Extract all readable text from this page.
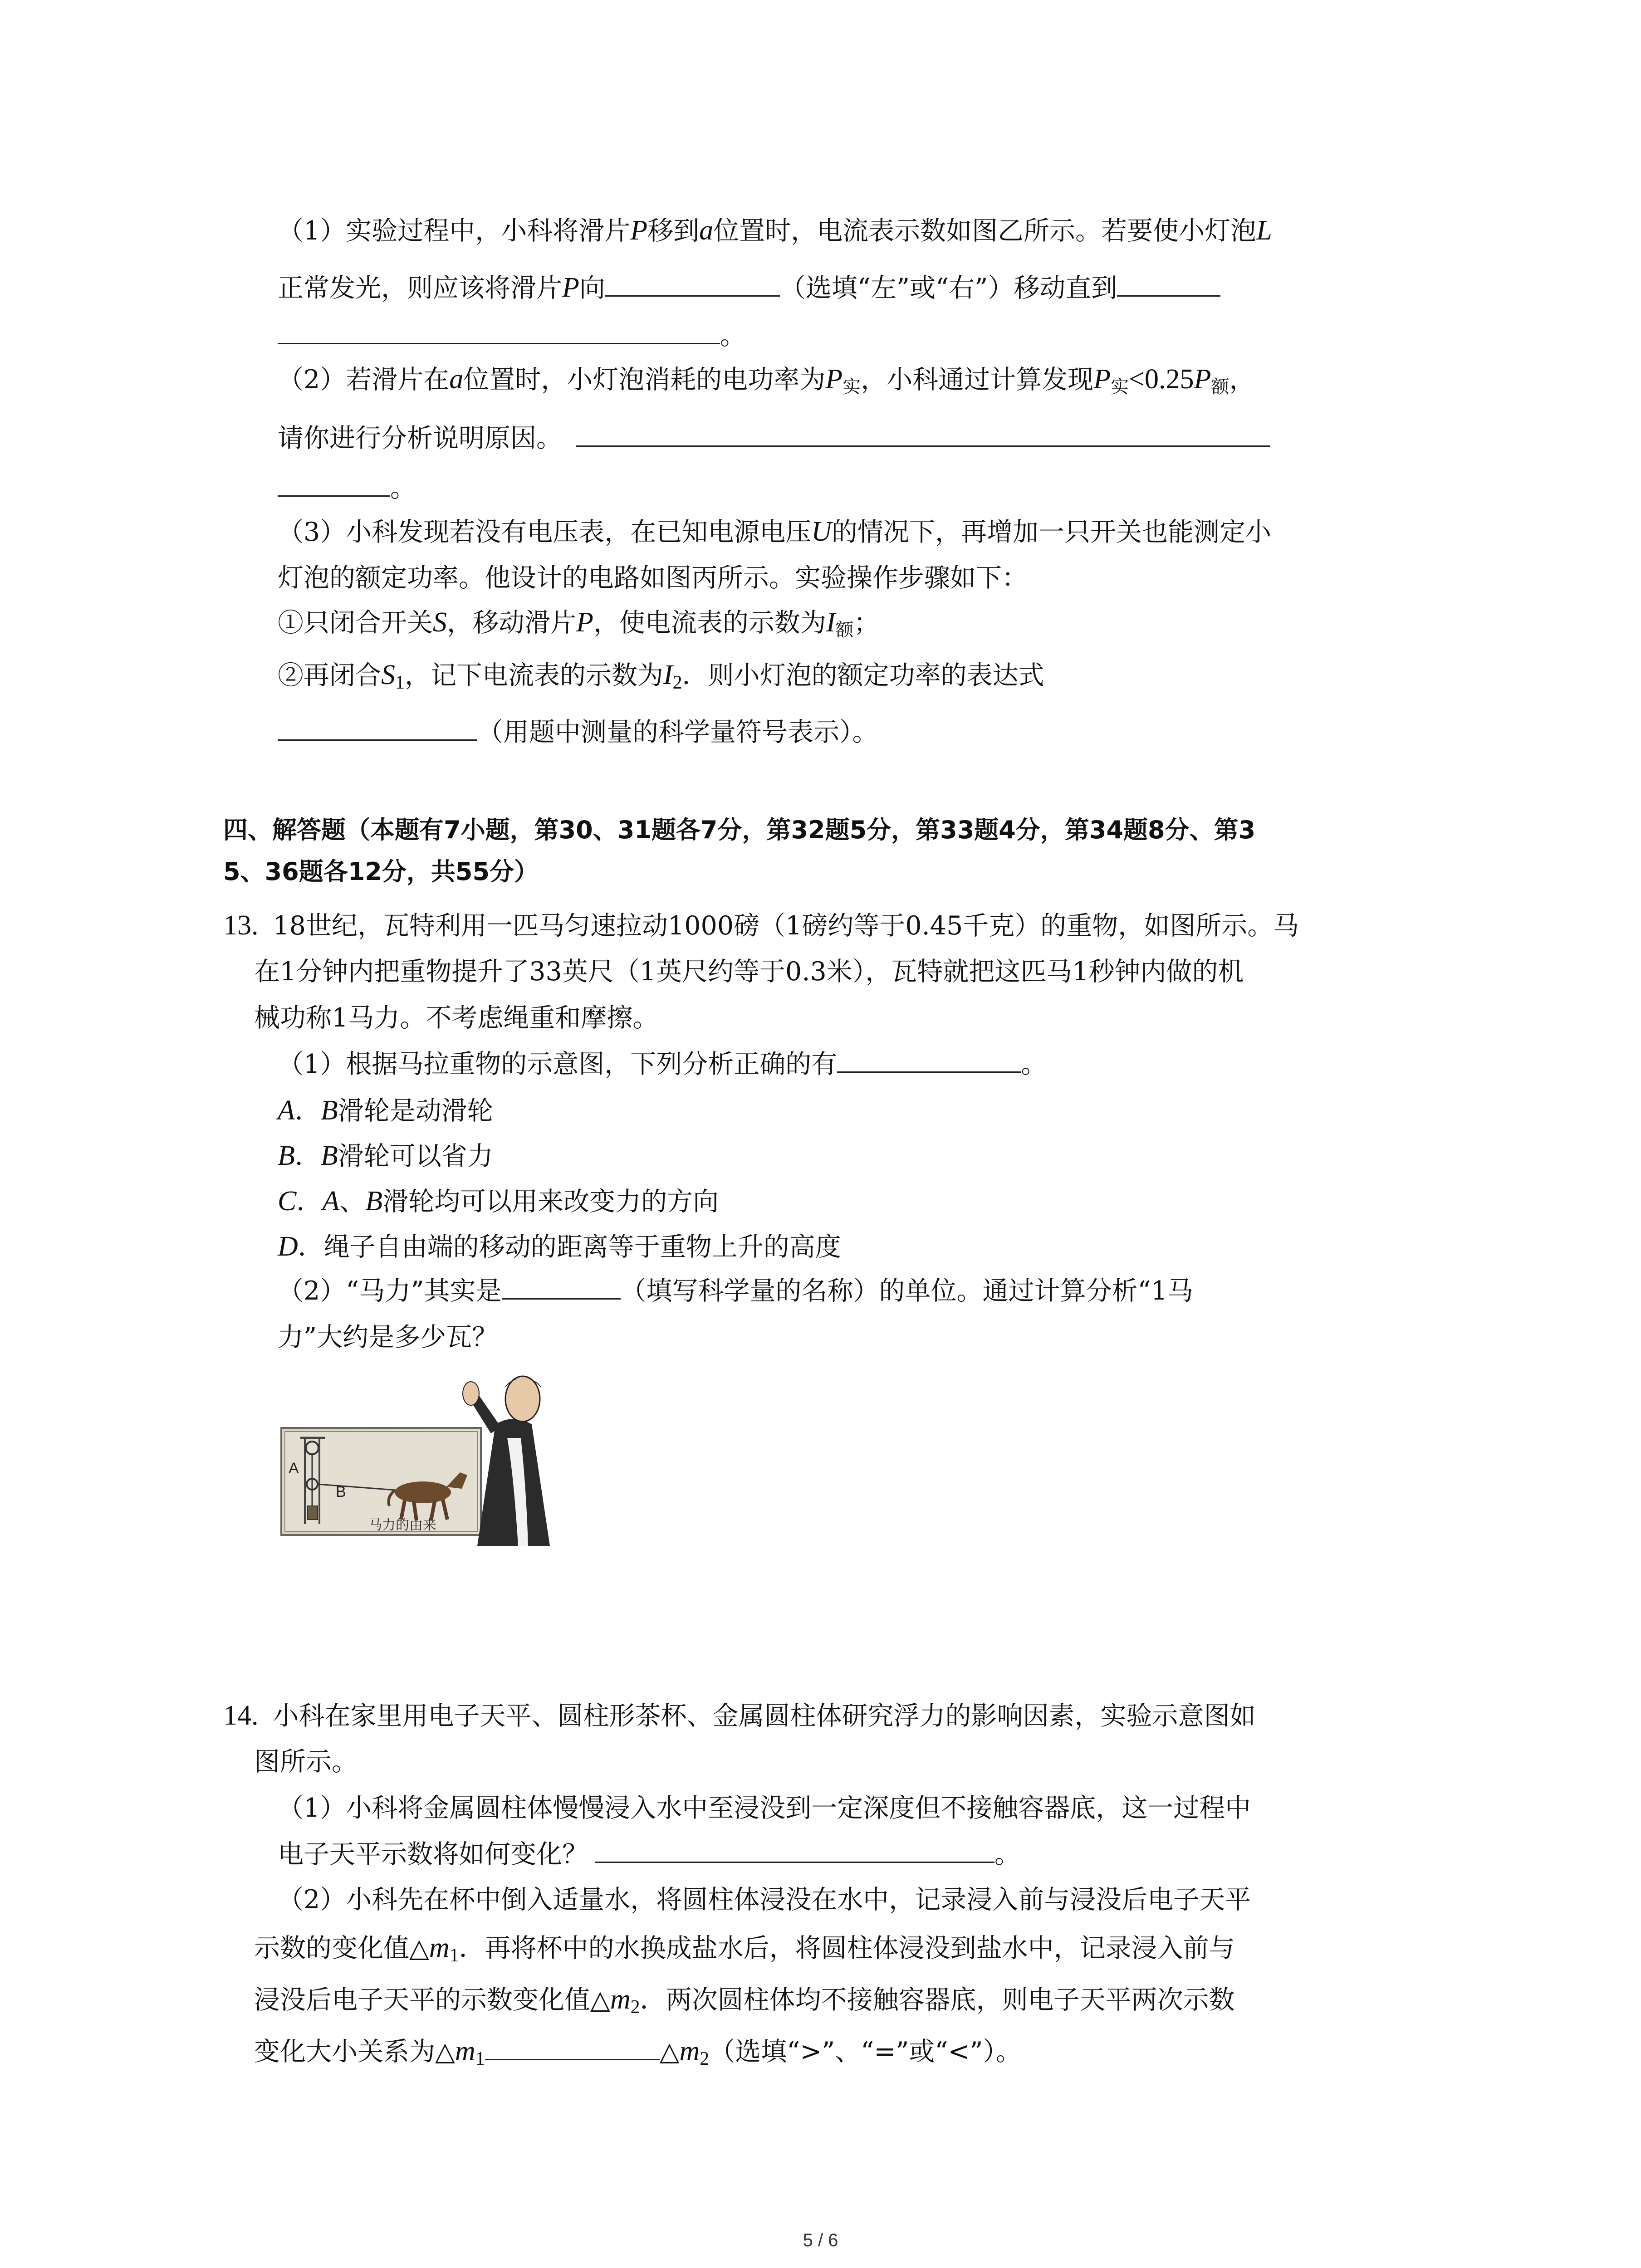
（1）实验过程中，小科将滑片P移到a位置时，电流表示数如图乙所示。若要使小灯泡L
正常发光，则应该将滑片P向	（选填“左”或“右”）移动直到
。
（2）若滑片在a位置时，小灯泡消耗的电功率为$P_实$，小科通过计算发现$P_实<0.25P_额$，
请你进行分析说明原因。
。
（3）小科发现若没有电压表，在已知电源电压U的情况下，再增加一只开关也能测定小
灯泡的额定功率。他设计的电路如图丙所示。实验操作步骤如下：
①只闭合开关S，移动滑片P，使电流表的示数为$I_额$；
②再闭合S1，记下电流表的示数为I2．则小灯泡的额定功率的表达式
（用题中测量的科学量符号表示）。
四、解答题（本题有7小题，第30、31题各7分，第32题5分，第33题4分，第34题8分、第3
5、36题各12分，共55分）
13. 18世纪，瓦特利用一匹马匀速拉动1000磅（1磅约等于0.45千克）的重物，如图所示。马
在1分钟内把重物提升了33英尺（1英尺约等于0.3米），瓦特就把这匹马1秒钟内做的机
械功称1马力。不考虑绳重和摩擦。
（1）根据马拉重物的示意图，下列分析正确的有	。
A．B滑轮是动滑轮
B．B滑轮可以省力
C．A、B滑轮均可以用来改变力的方向
D．绳子自由端的移动的距离等于重物上升的高度
（2）“马力”其实是	（填写科学量的名称）的单位。通过计算分析“1马
力”大约是多少瓦？
A
B
马力的由来
14. 小科在家里用电子天平、圆柱形茶杯、金属圆柱体研究浮力的影响因素，实验示意图如
图所示。
（1）小科将金属圆柱体慢慢浸入水中至浸没到一定深度但不接触容器底，这一过程中
电子天平示数将如何变化？	。
（2）小科先在杯中倒入适量水，将圆柱体浸没在水中，记录浸入前与浸没后电子天平
示数的变化值△m1．再将杯中的水换成盐水后，将圆柱体浸没到盐水中，记录浸入前与
浸没后电子天平的示数变化值△m2．两次圆柱体均不接触容器底，则电子天平两次示数
变化大小关系为△m1	△m2（选填“>”、“=”或“<”）。
5 / 6
